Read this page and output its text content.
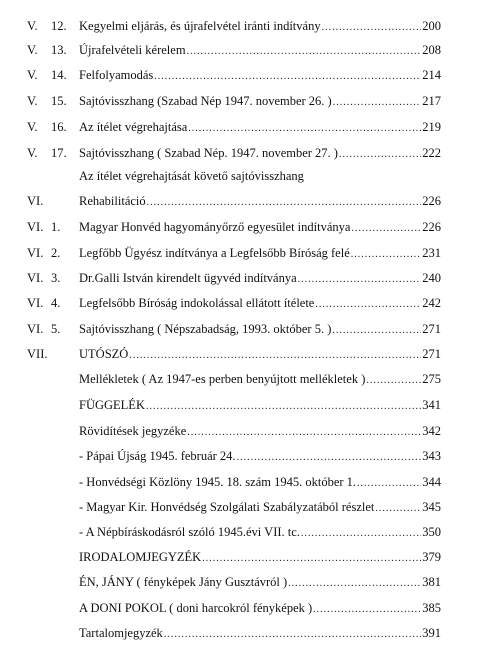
V. 12. Kegyelmi eljárás, és újrafelvétel iránti indítvány .....	200
V. 13. Újrafelvételi kérelem .....	208
V. 14. Felfolyamodás .....	214
V. 15. Sajtóvisszhang (Szabad Nép 1947. november 26. ) .....	217
V. 16. Az ítélet végrehajtása .....	219
V. 17. Sajtóvisszhang ( Szabad Nép. 1947. november 27. ) .....	222
Az ítélet végrehajtását követő sajtóvisszhang
VI.	Rehabilitáció .....	226
VI. 1. Magyar Honvéd hagyományőrző egyesület indítványa .....	226
VI. 2. Legfőbb Ügyész indítványa a Legfelsőbb Bíróság felé .....	231
VI. 3. Dr.Galli István kirendelt ügyvéd indítványa .....	240
VI. 4. Legfelsőbb Bíróság indokolással ellátott ítélete .....	242
VI. 5. Sajtóvisszhang ( Népszabadság, 1993. október 5. ) .....	271
VII.	UTÓSZÓ .....	271
Mellékletek ( Az 1947-es perben benyújtott mellékletek ) .....	275
FÜGGELÉK .....	341
Rövidítések jegyzéke .....	342
- Pápai Újság 1945. február 24. .....	343
- Honvédségi Közlöny 1945. 18. szám 1945. október 1. .....	344
- Magyar Kir. Honvédség Szolgálati Szabályzatából részlet .....	345
- A Népbíráskodásról szóló 1945.évi VII. tc. .....	350
IRODALOMJEGYZÉK .....	379
ÉN, JÁNY ( fényképek Jány Gusztávról ) .....	381
A DONI POKOL ( doni harcokról fényképek ) .....	385
Tartalomjegyzék .....	391
